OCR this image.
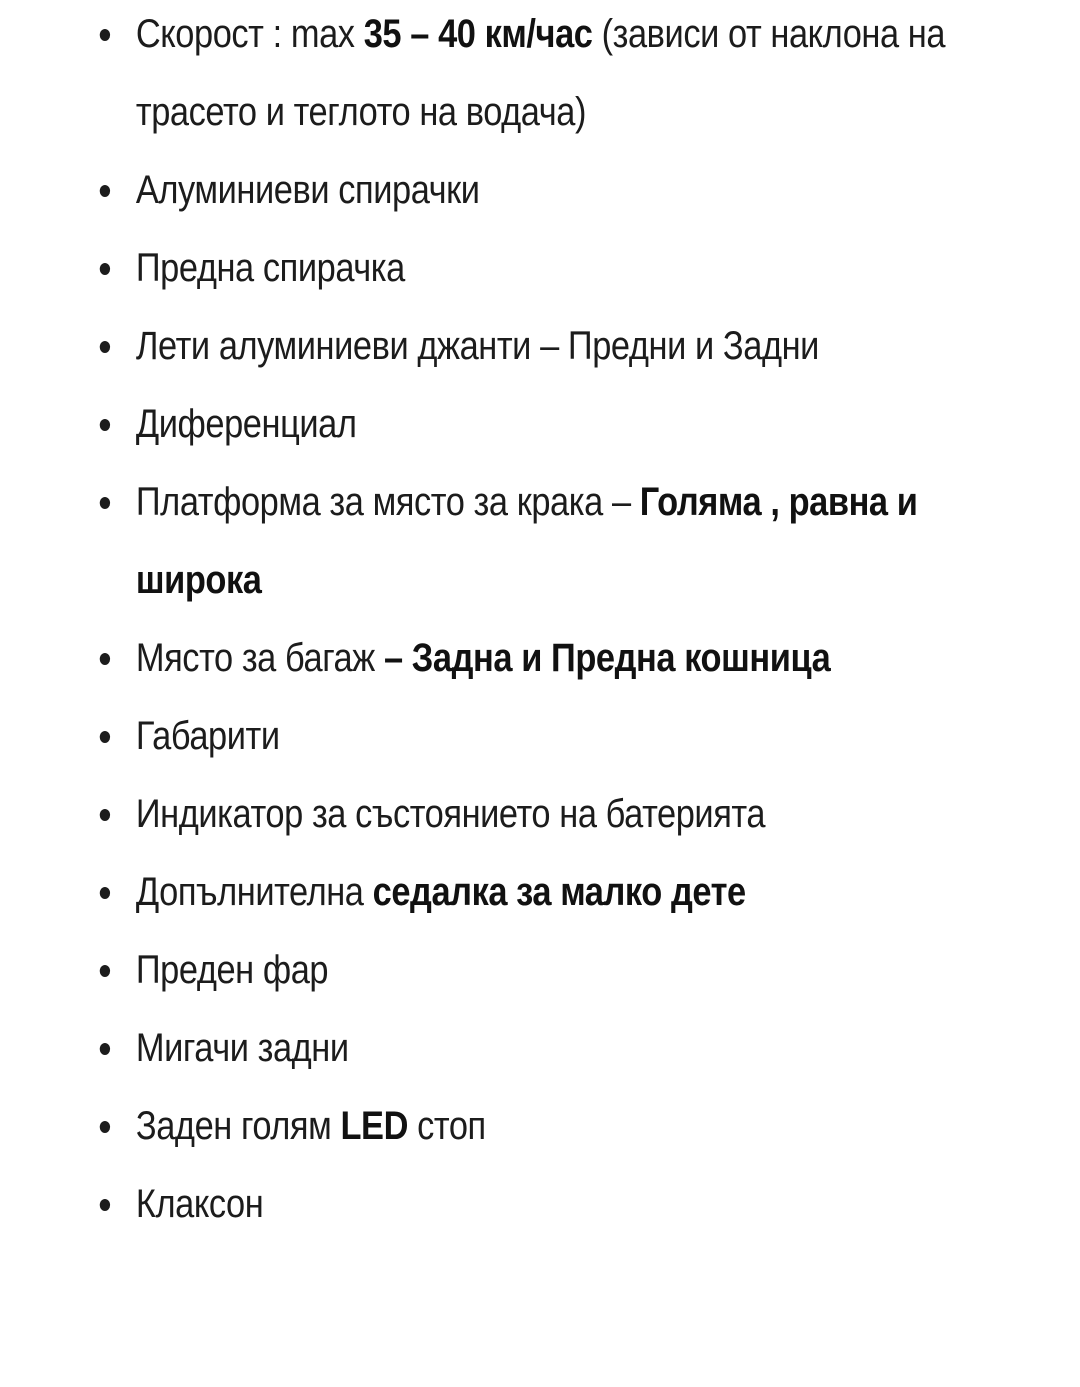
Скорост : max 35 – 40 км/час (зависи от наклона на трасето и теглото на водача)
Алуминиеви спирачки
Предна спирачка
Лети алуминиеви джанти – Предни и Задни
Диференциал
Платформа за място за крака – Голяма , равна и широка
Място за багаж – Задна и Предна кошница
Габарити
Индикатор за състоянието на батерията
Допълнителна седалка за малко дете
Преден фар
Мигачи задни
Заден голям LED стоп
Клаксон
